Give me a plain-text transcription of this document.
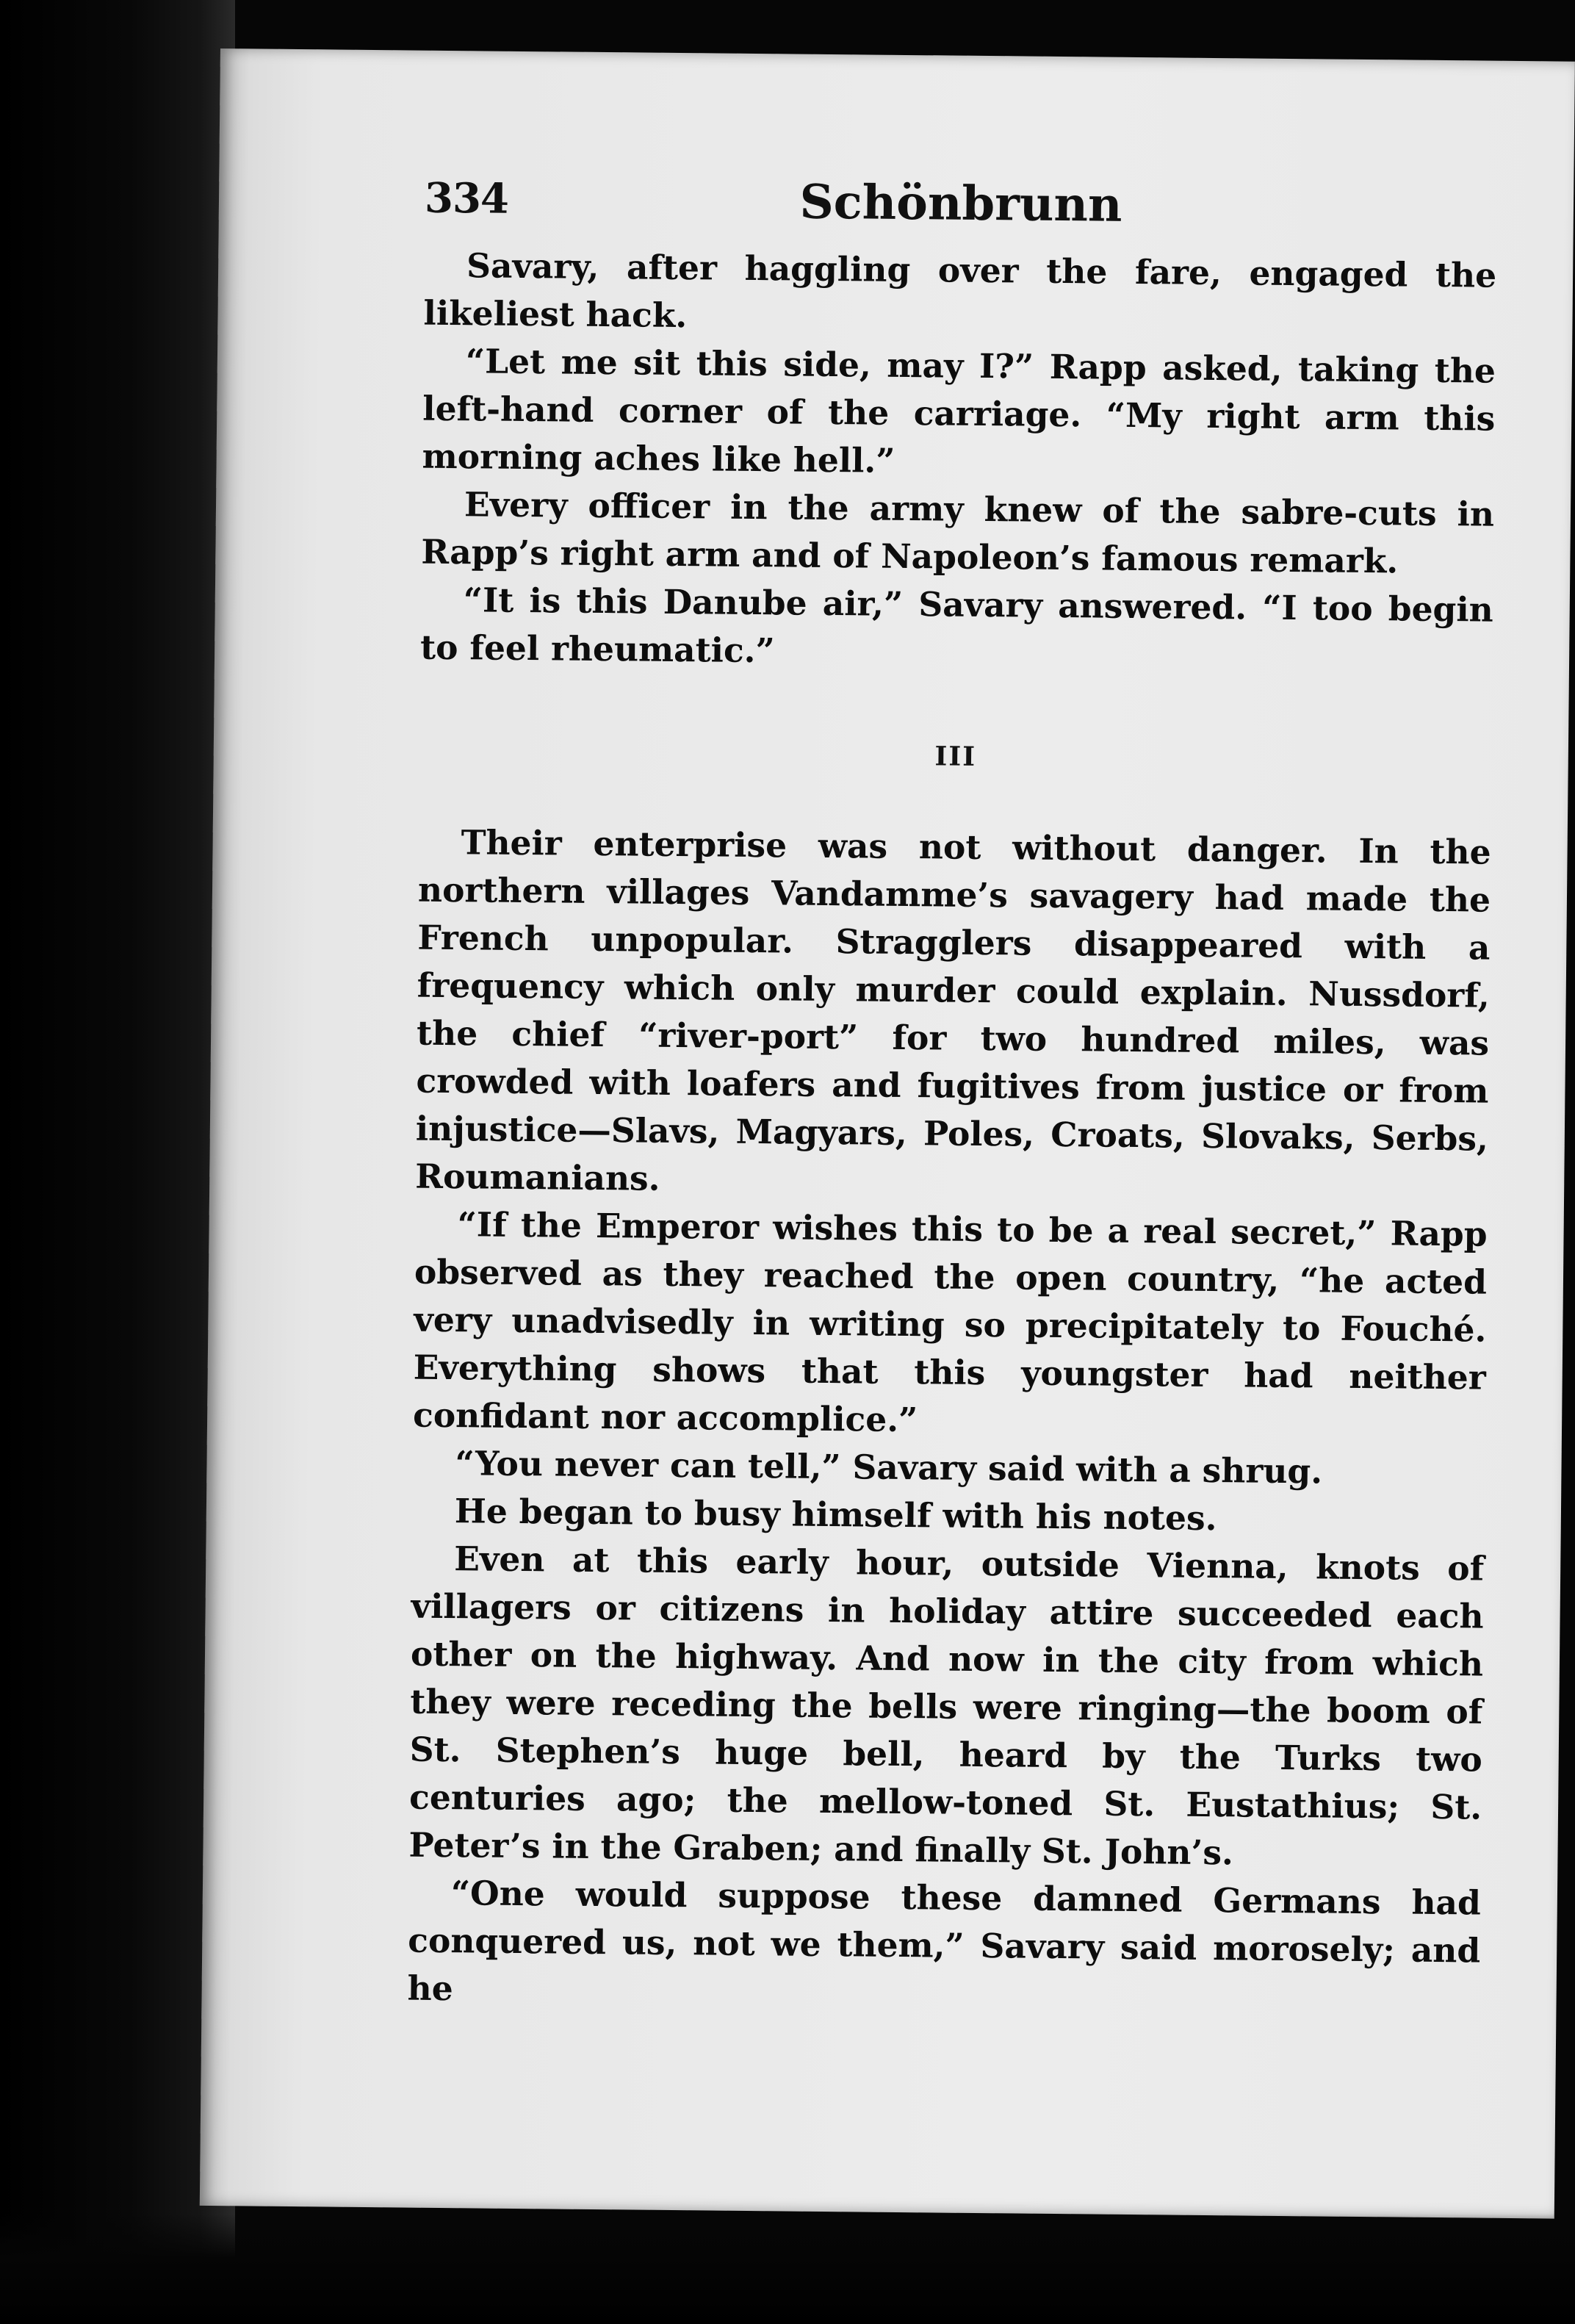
334	Schönbrunn

Savary, after haggling over the fare, engaged the likeliest hack.

“Let me sit this side, may I?” Rapp asked, taking the left-hand corner of the carriage. “My right arm this morning aches like hell.”

Every officer in the army knew of the sabre-cuts in Rapp’s right arm and of Napoleon’s famous remark.

“It is this Danube air,” Savary answered. “I too begin to feel rheumatic.”

III

Their enterprise was not without danger. In the northern villages Vandamme’s savagery had made the French unpopular. Stragglers disappeared with a frequency which only murder could explain. Nussdorf, the chief “river-port” for two hundred miles, was crowded with loafers and fugitives from justice or from injustice—Slavs, Magyars, Poles, Croats, Slovaks, Serbs, Roumanians.

“If the Emperor wishes this to be a real secret,” Rapp observed as they reached the open country, “he acted very unadvisedly in writing so precipitately to Fouché. Everything shows that this youngster had neither confidant nor accomplice.”

“You never can tell,” Savary said with a shrug.

He began to busy himself with his notes.

Even at this early hour, outside Vienna, knots of villagers or citizens in holiday attire succeeded each other on the highway. And now in the city from which they were receding the bells were ringing—the boom of St. Stephen’s huge bell, heard by the Turks two centuries ago; the mellow-toned St. Eustathius; St. Peter’s in the Graben; and finally St. John’s.

“One would suppose these damned Germans had conquered us, not we them,” Savary said morosely; and he
